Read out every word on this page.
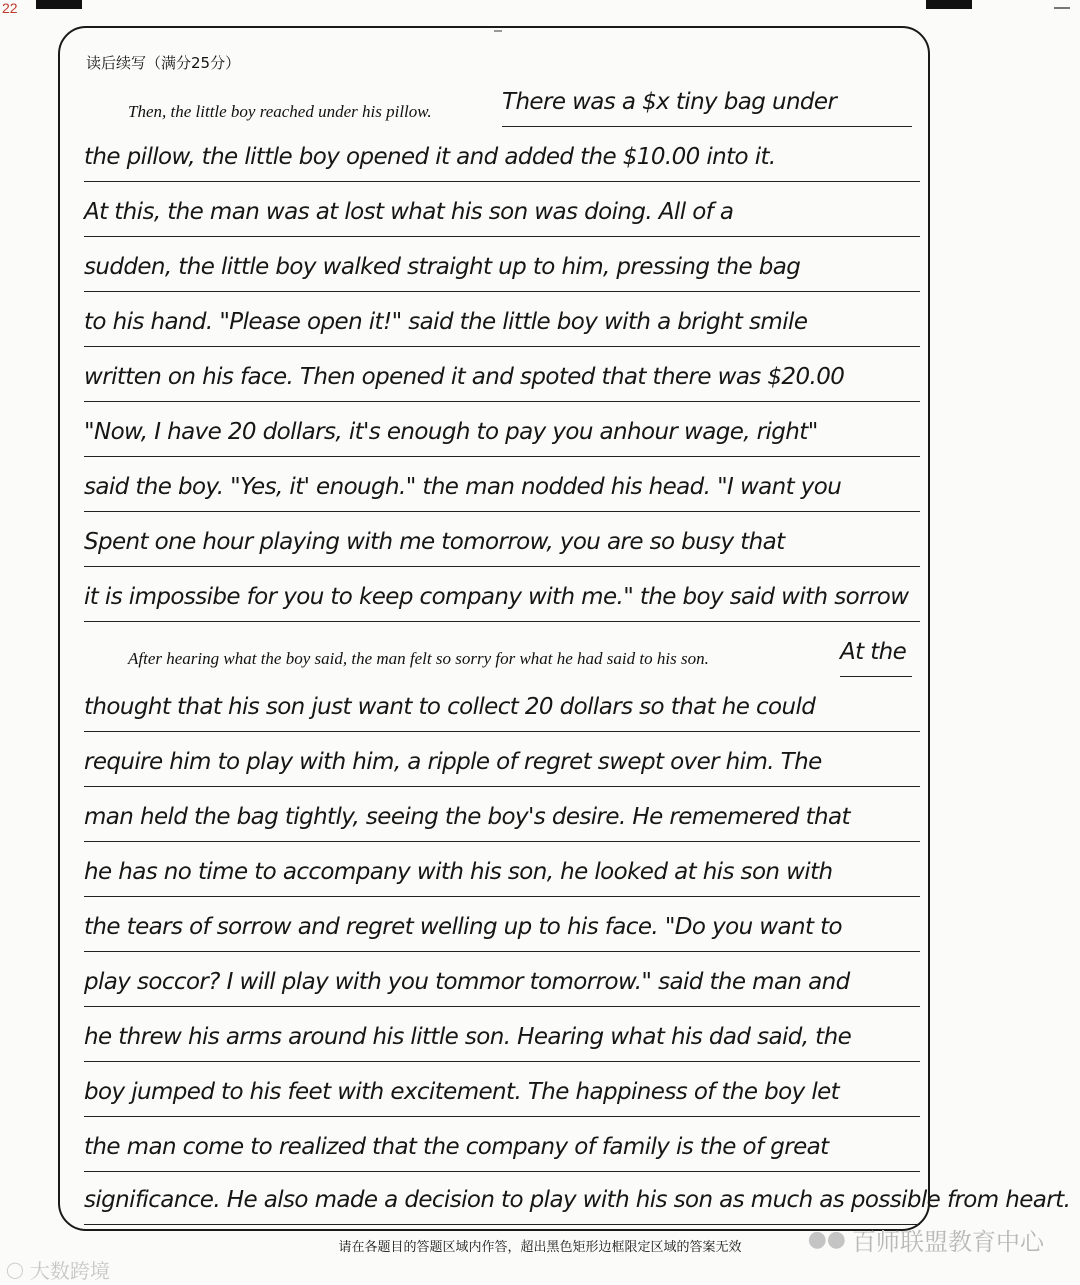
22
读后续写（满分25分）
Then, the little boy reached under his pillow.	There was a $x tiny bag under
the pillow, the little boy opened it and added the $10.00 into it.
At this, the man was at lost what his son was doing. All of a
sudden, the little boy walked straight up to him, pressing the bag
to his hand. "Please open it!" said the little boy with a bright smile
written on his face. Then opened it and spoted that there was $20.00
"Now, I have 20 dollars, it's enough to pay you anhour wage, right"
said the boy. "Yes, it' enough." the man nodded his head. "I want you
Spent one hour playing with me tomorrow, you are so busy that
it is impossibe for you to keep company with me." the boy said with sorrow
After hearing what the boy said, the man felt so sorry for what he had said to his son.	At the
thought that his son just want to collect 20 dollars so that he could
require him to play with him, a ripple of regret swept over him. The
man held the bag tightly, seeing the boy's desire. He rememered that
he has no time to accompany with his son, he looked at his son with
the tears of sorrow and regret welling up to his face. "Do you want to
play soccor? I will play with you tommor tomorrow." said the man and
he threw his arms around his little son. Hearing what his dad said, the
boy jumped to his feet with excitement. The happiness of the boy let
the man come to realized that the company of family is the of great
significance. He also made a decision to play with his son as much as possible from heart.
请在各题目的答题区域内作答，超出黑色矩形边框限定区域的答案无效	●● 百师联盟教育中心
◯ 大数跨境
